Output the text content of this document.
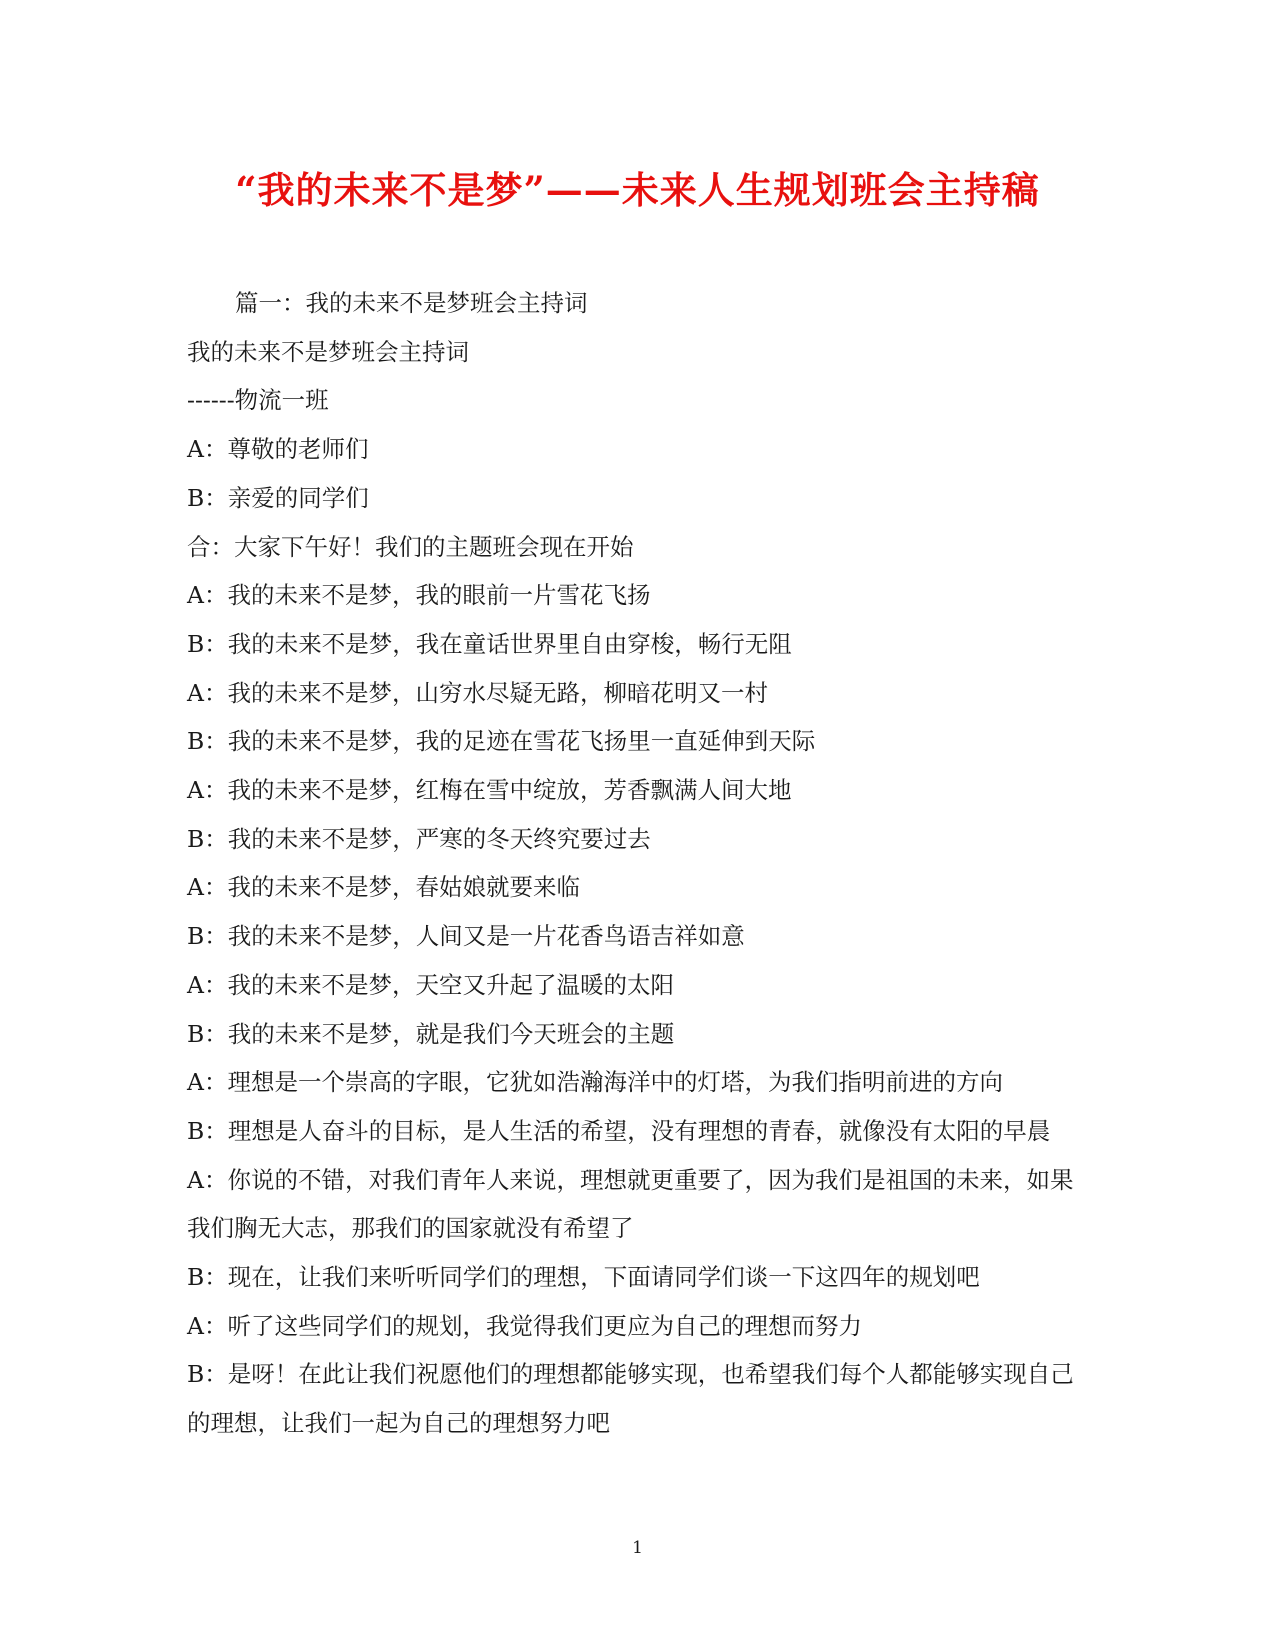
“我的未来不是梦”——未来人生规划班会主持稿

篇一：我的未来不是梦班会主持词

我的未来不是梦班会主持词

------物流一班

A：尊敬的老师们

B：亲爱的同学们

合：大家下午好！我们的主题班会现在开始

A：我的未来不是梦，我的眼前一片雪花飞扬

B：我的未来不是梦，我在童话世界里自由穿梭，畅行无阻

A：我的未来不是梦，山穷水尽疑无路，柳暗花明又一村

B：我的未来不是梦，我的足迹在雪花飞扬里一直延伸到天际

A：我的未来不是梦，红梅在雪中绽放，芳香飘满人间大地

B：我的未来不是梦，严寒的冬天终究要过去

A：我的未来不是梦，春姑娘就要来临

B：我的未来不是梦，人间又是一片花香鸟语吉祥如意

A：我的未来不是梦，天空又升起了温暖的太阳

B：我的未来不是梦，就是我们今天班会的主题

A：理想是一个崇高的字眼，它犹如浩瀚海洋中的灯塔，为我们指明前进的方向

B：理想是人奋斗的目标，是人生活的希望，没有理想的青春，就像没有太阳的早晨

A：你说的不错，对我们青年人来说，理想就更重要了，因为我们是祖国的未来，如果我们胸无大志，那我们的国家就没有希望了

B：现在，让我们来听听同学们的理想，下面请同学们谈一下这四年的规划吧

A：听了这些同学们的规划，我觉得我们更应为自己的理想而努力

B：是呀！在此让我们祝愿他们的理想都能够实现，也希望我们每个人都能够实现自己的理想，让我们一起为自己的理想努力吧

1
